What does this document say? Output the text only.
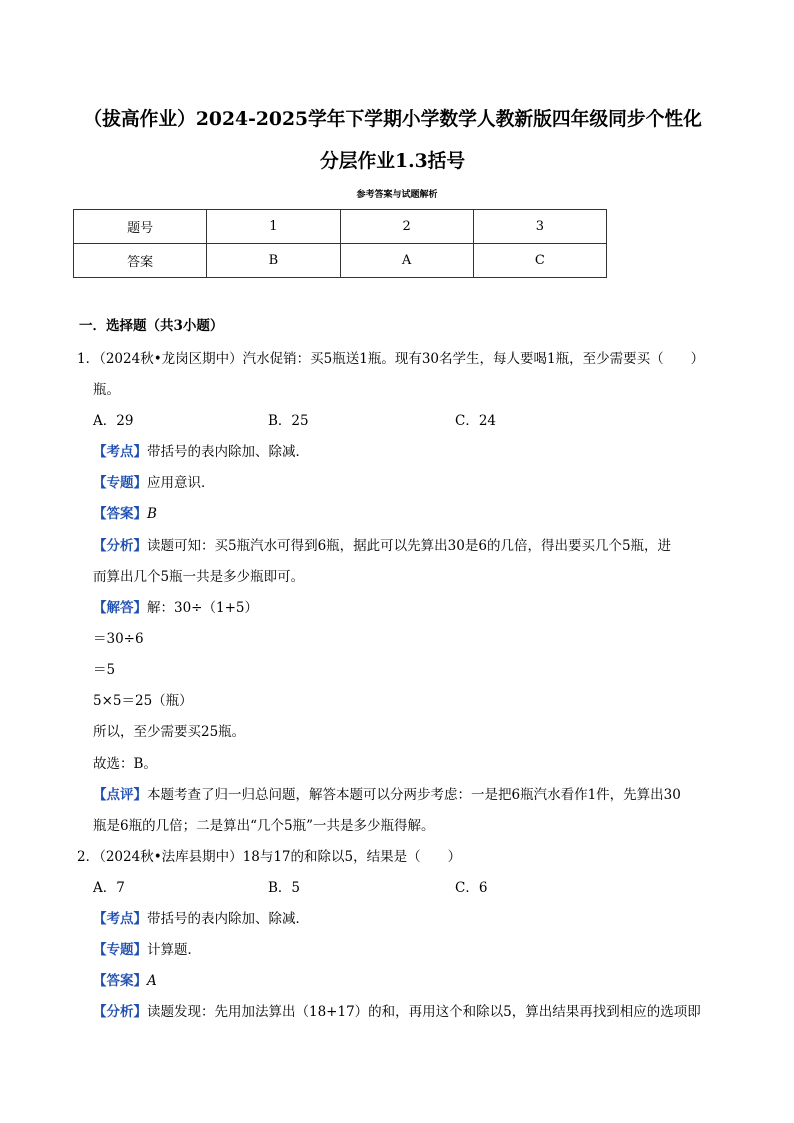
（拔高作业）2024-2025学年下学期小学数学人教新版四年级同步个性化
分层作业1.3括号
参考答案与试题解析
题号	1	2	3
答案	B	A	C
一．选择题（共3小题）
1．（2024秋•龙岗区期中）汽水促销：买5瓶送1瓶。现有30名学生，每人要喝1瓶，至少需要买（　　）
瓶。
A．29	B．25	C．24
【考点】带括号的表内除加、除减．
【专题】应用意识．
【答案】B
【分析】读题可知：买5瓶汽水可得到6瓶，据此可以先算出30是6的几倍，得出要买几个5瓶，进
而算出几个5瓶一共是多少瓶即可。
【解答】解：30÷（1+5）
＝30÷6
＝5
5×5＝25（瓶）
所以，至少需要买25瓶。
故选：B。
【点评】本题考查了归一归总问题，解答本题可以分两步考虑：一是把6瓶汽水看作1件，先算出30
瓶是6瓶的几倍；二是算出“几个5瓶”一共是多少瓶得解。
2．（2024秋•法库县期中）18与17的和除以5，结果是（　　）
A．7	B．5	C．6
【考点】带括号的表内除加、除减．
【专题】计算题．
【答案】A
【分析】读题发现：先用加法算出（18+17）的和，再用这个和除以5，算出结果再找到相应的选项即
